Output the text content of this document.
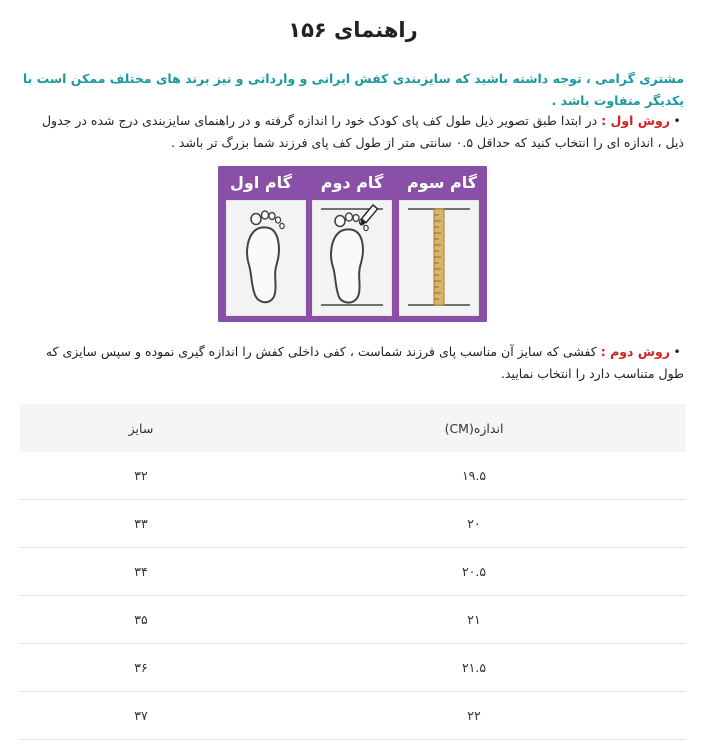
راهنمای ۱۵۶
مشتری گرامی ، توجه داشته باشید که سایزبندی کفش ایرانی و وارداتی و نیز برند های مختلف ممکن است با یکدیگر متفاوت باشد .
•روش اول : در ابتدا طبق تصویر ذیل طول کف پای کودک خود را اندازه گرفته و در راهنمای سایزبندی درج شده در جدول ذیل ، اندازه ای را انتخاب کنید که حداقل ۰.۵ سانتی متر از طول کف پای فرزند شما بزرگ تر باشد .
گام اول	گام دوم	گام سوم
•روش دوم : کفشی که سایز آن مناسب پای فرزند شماست ، کفی داخلی کفش را اندازه گیری نموده و سپس سایزی که طول متناسب دارد را انتخاب نمایید.
اندازه(CM)	سایز
۱۹.۵	۳۲
۲۰	۳۳
۲۰.۵	۳۴
۲۱	۳۵
۲۱.۵	۳۶
۲۲	۳۷
